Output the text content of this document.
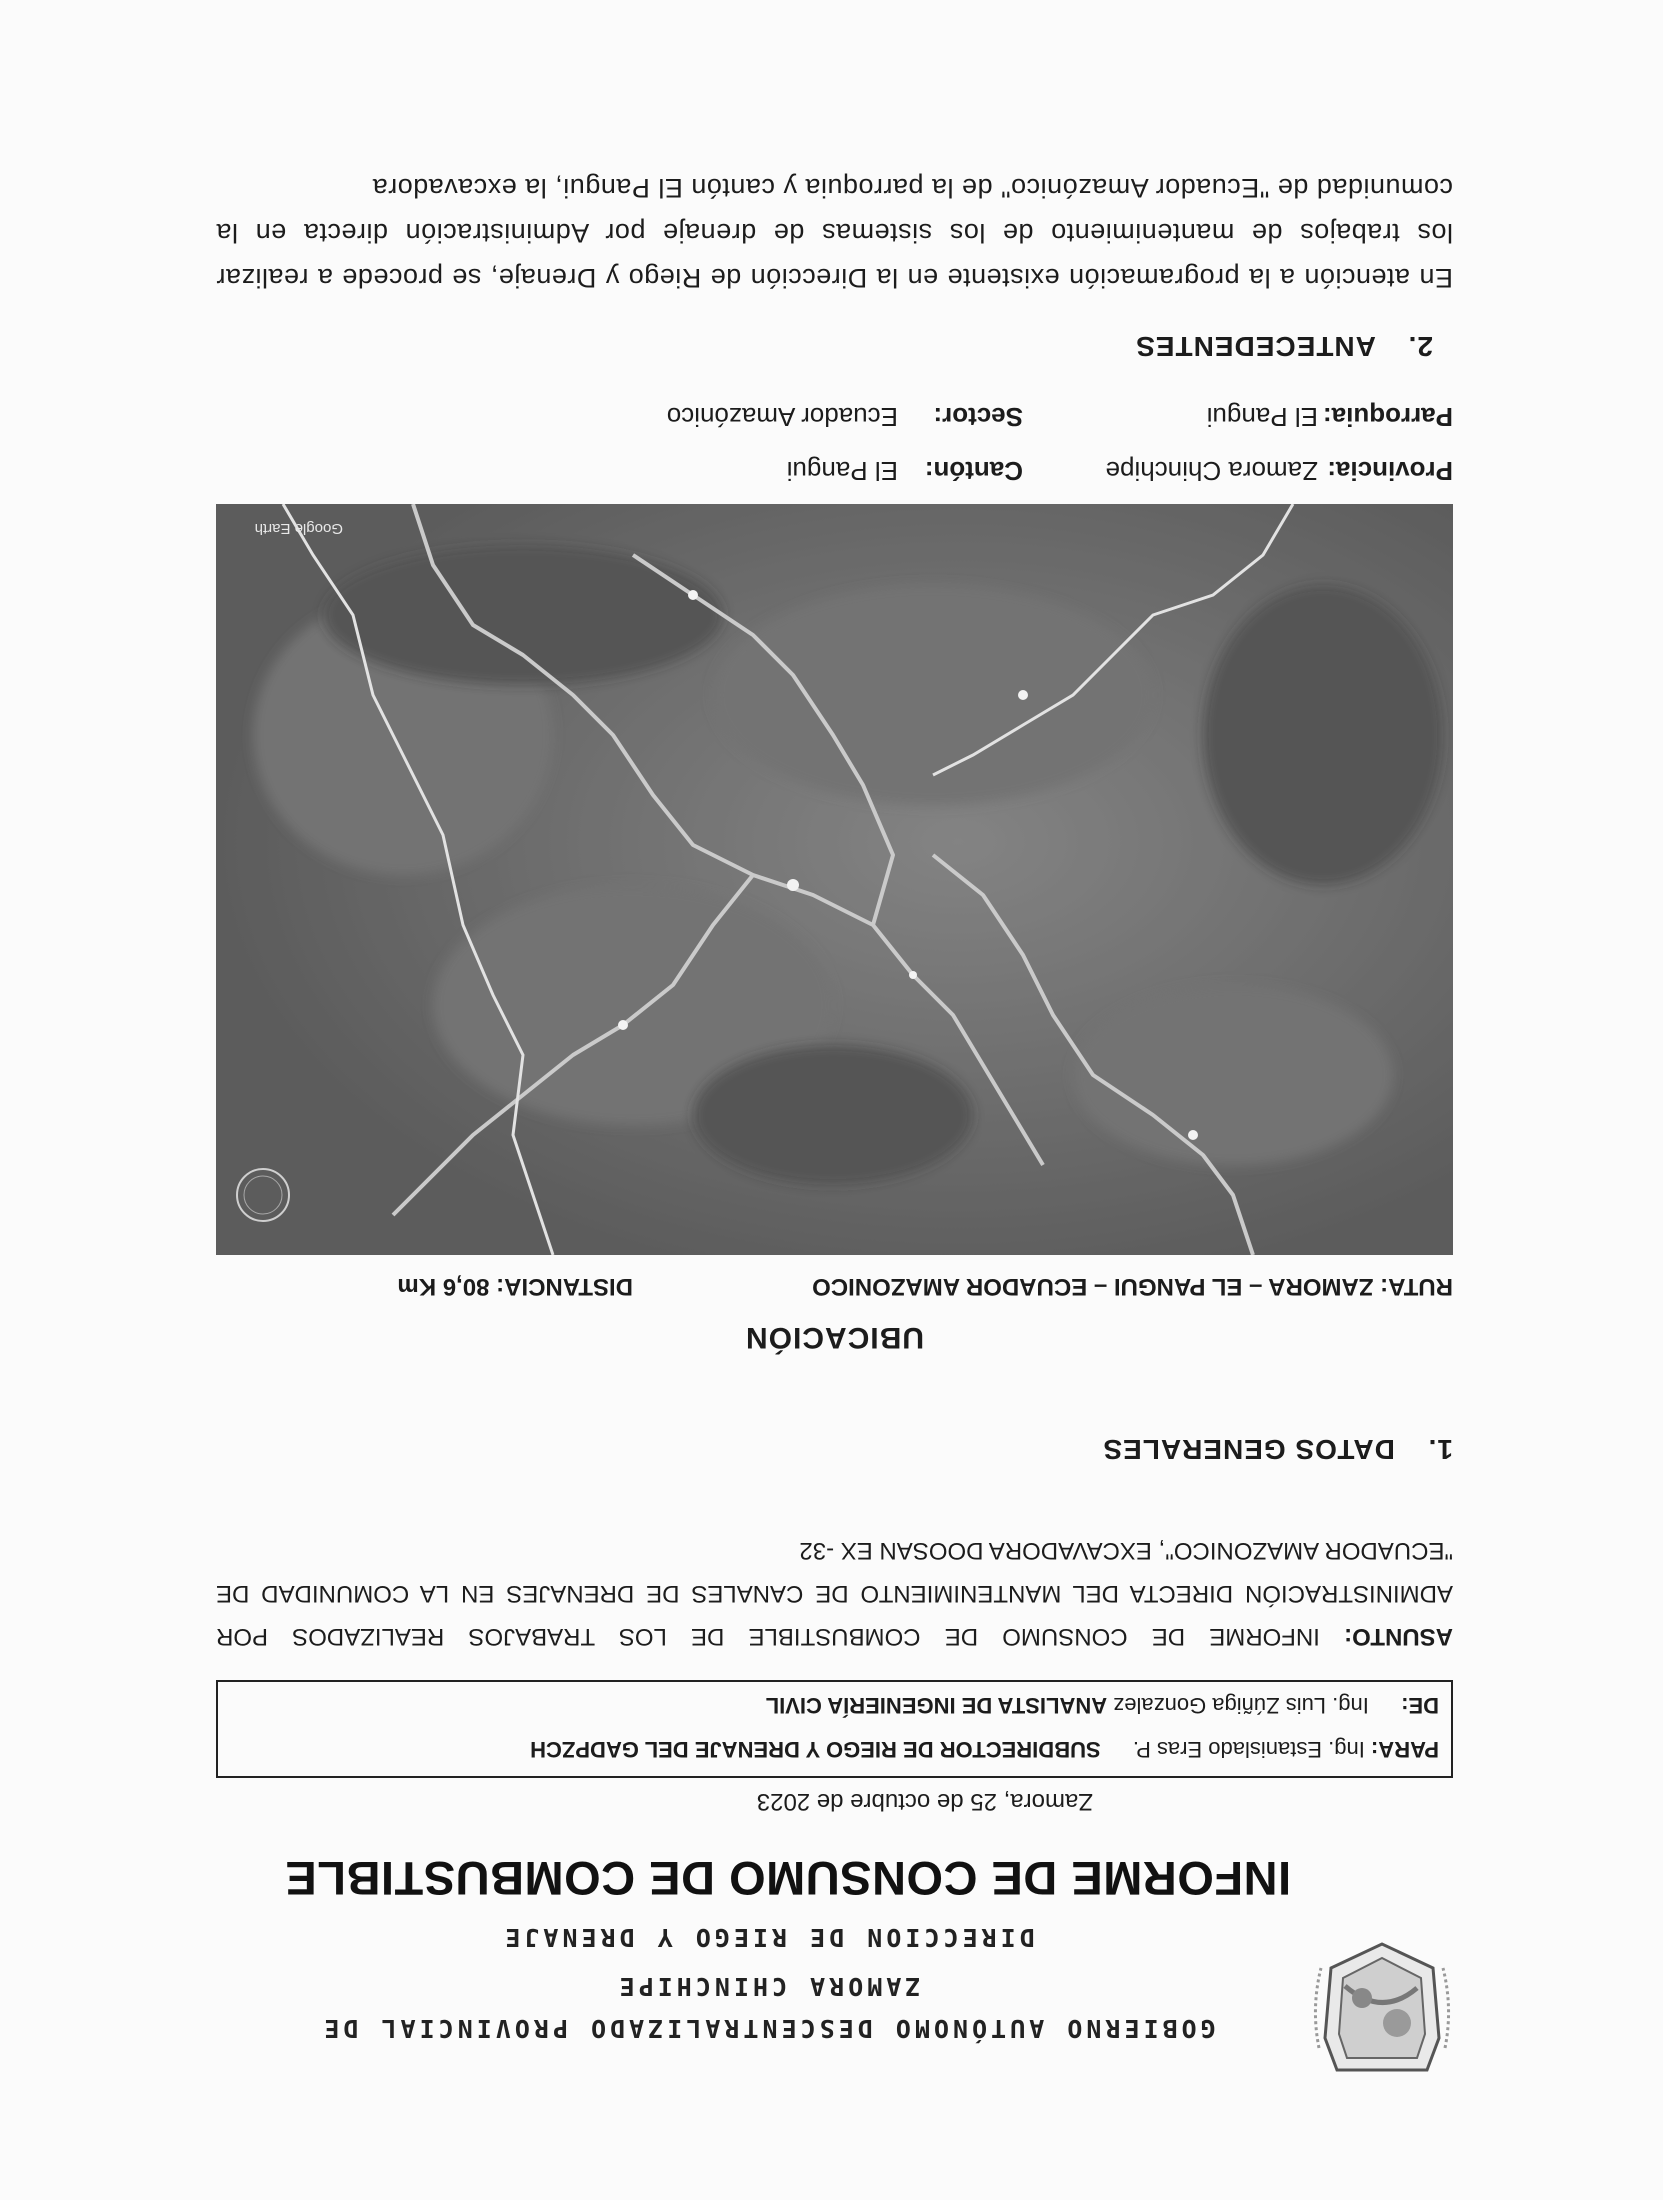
GOBIERNO AUTÓNOMO DESCENTRALIZADO PROVINCIAL DE
ZAMORA CHINCHIPE
DIRECCION DE RIEGO Y DRENAJE
INFORME DE CONSUMO DE COMBUSTIBLE
Zamora, 25 de octubre de 2023
PARA: Ing. Estanislado Eras P.  SUBDIRECTOR DE RIEGO Y DRENAJE DEL GADPZCH
DE:  Ing. Luis Zúñiga Gonzalez ANALISTA DE INGENIERÍA CIVIL
ASUNTO: INFORME DE CONSUMO DE COMBUSTIBLE DE LOS TRABAJOS REALIZADOS POR ADMINISTRACIÓN DIRECTA DEL MANTENIMIENTO DE CANALES DE DRENAJES EN LA COMUNIDAD DE "ECUADOR AMAZONICO", EXCAVADORA DOOSAN EX -32
1. DATOS GENERALES
UBICACIÓN
RUTA: ZAMORA – EL PANGUI – ECUADOR AMAZONICO
DISTANCIA: 80,6 Km
Google Earth
Provincia:
Zamora Chinchipe
Cantón:
El Pangui
Parroquia:
El Pangui
Sector:
Ecuador Amazónico
2. ANTECEDENTES
En atención a la programación existente en la Dirección de Riego y Drenaje, se procede a realizar los trabajos de mantenimiento de los sistemas de drenaje por Administración directa en la comunidad de "Ecuador Amazónico" de la parroquia y cantón El Pangui, la excavadora
